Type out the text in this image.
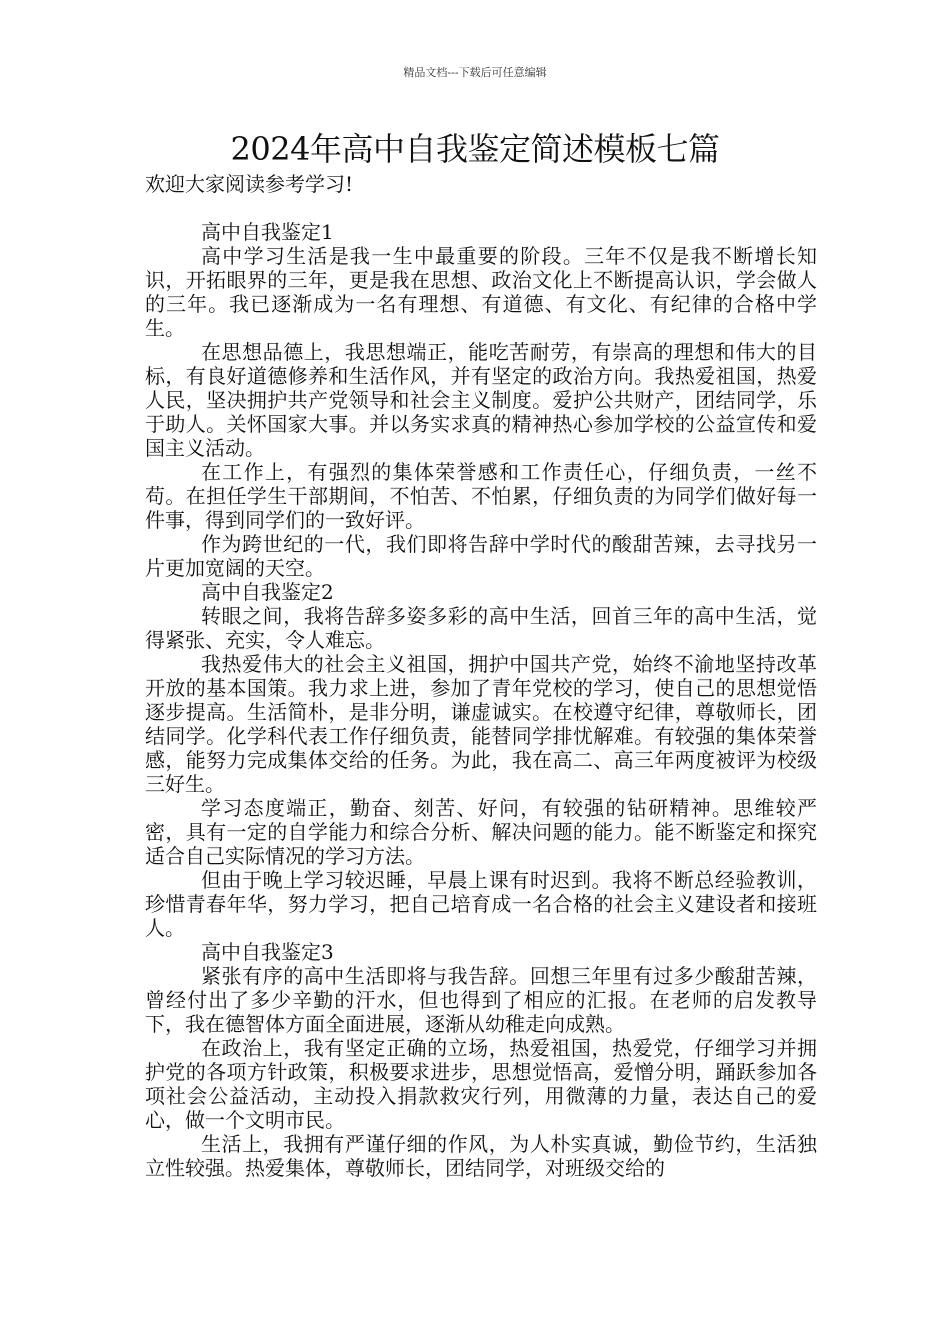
精品文档---下载后可任意编辑
2024年高中自我鉴定简述模板七篇

欢迎大家阅读参考学习!

高中自我鉴定1

高中学习生活是我一生中最重要的阶段。三年不仅是我不断增长知识，开拓眼界的三年，更是我在思想、政治文化上不断提高认识，学会做人的三年。我已逐渐成为一名有理想、有道德、有文化、有纪律的合格中学生。

在思想品德上，我思想端正，能吃苦耐劳，有崇高的理想和伟大的目标，有良好道德修养和生活作风，并有坚定的政治方向。我热爱祖国，热爱人民，坚决拥护共产党领导和社会主义制度。爱护公共财产，团结同学，乐于助人。关怀国家大事。并以务实求真的精神热心参加学校的公益宣传和爱国主义活动。

在工作上，有强烈的集体荣誉感和工作责任心，仔细负责，一丝不苟。在担任学生干部期间，不怕苦、不怕累，仔细负责的为同学们做好每一件事，得到同学们的一致好评。

作为跨世纪的一代，我们即将告辞中学时代的酸甜苦辣，去寻找另一片更加宽阔的天空。

高中自我鉴定2

转眼之间，我将告辞多姿多彩的高中生活，回首三年的高中生活，觉得紧张、充实，令人难忘。

我热爱伟大的社会主义祖国，拥护中国共产党，始终不渝地坚持改革开放的基本国策。我力求上进，参加了青年党校的学习，使自己的思想觉悟逐步提高。生活简朴，是非分明，谦虚诚实。在校遵守纪律，尊敬师长，团结同学。化学科代表工作仔细负责，能替同学排忧解难。有较强的集体荣誉感，能努力完成集体交给的任务。为此，我在高二、高三年两度被评为校级三好生。

学习态度端正，勤奋、刻苦、好问，有较强的钻研精神。思维较严密，具有一定的自学能力和综合分析、解决问题的能力。能不断鉴定和探究适合自己实际情况的学习方法。

但由于晚上学习较迟睡，早晨上课有时迟到。我将不断总经验教训，珍惜青春年华，努力学习，把自己培育成一名合格的社会主义建设者和接班人。

高中自我鉴定3

紧张有序的高中生活即将与我告辞。回想三年里有过多少酸甜苦辣，曾经付出了多少辛勤的汗水，但也得到了相应的汇报。在老师的启发教导下，我在德智体方面全面进展，逐渐从幼稚走向成熟。

在政治上，我有坚定正确的立场，热爱祖国，热爱党，仔细学习并拥护党的各项方针政策，积极要求进步，思想觉悟高，爱憎分明，踊跃参加各项社会公益活动，主动投入捐款救灾行列，用微薄的力量，表达自己的爱心，做一个文明市民。

生活上，我拥有严谨仔细的作风，为人朴实真诚，勤俭节约，生活独立性较强。热爱集体，尊敬师长，团结同学，对班级交给的
